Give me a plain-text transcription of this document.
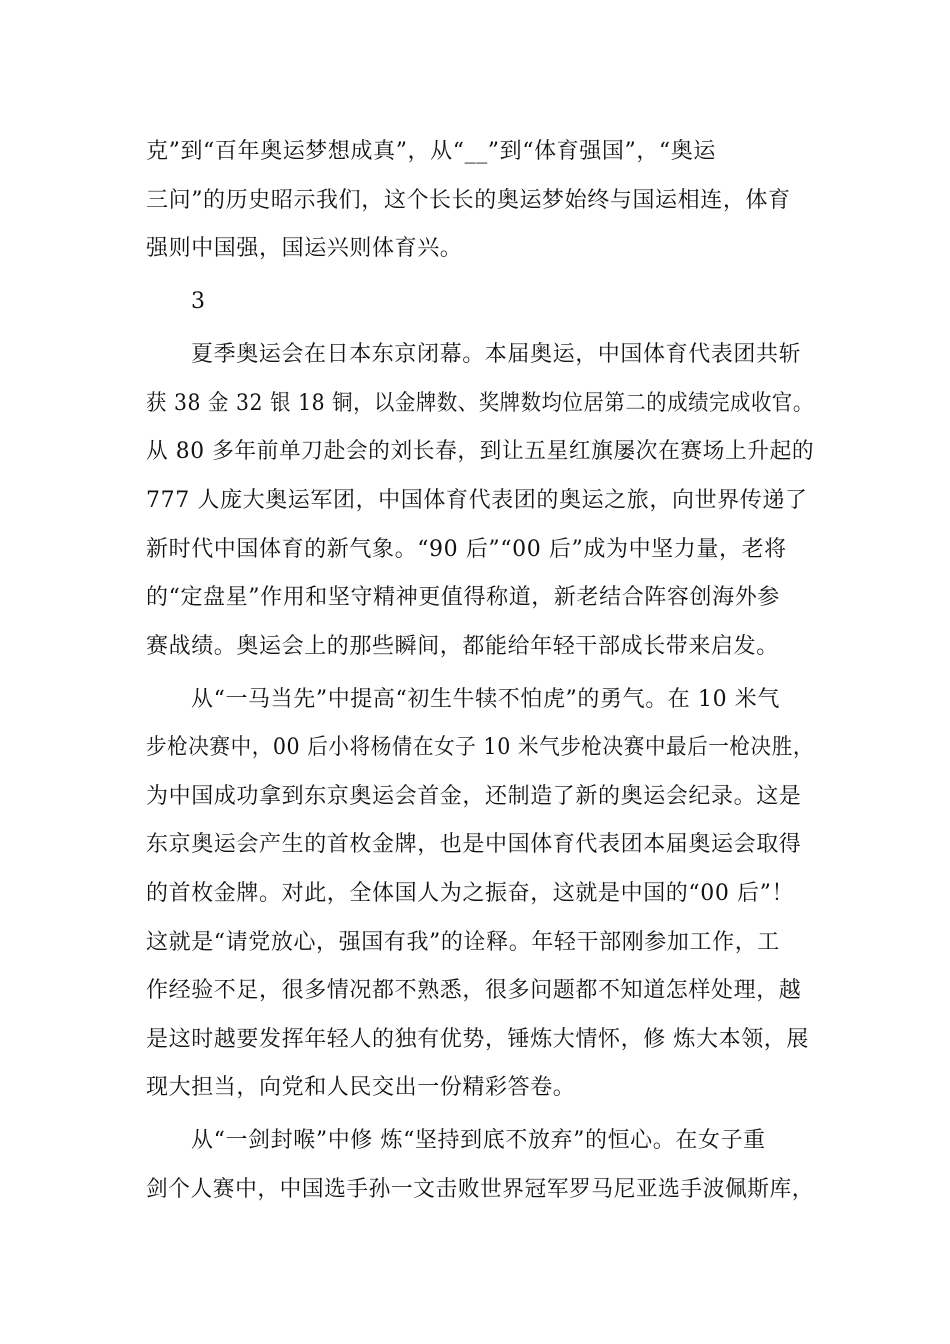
克”到“百年奥运梦想成真”，从“__”到“体育强国”，“奥运
三问”的历史昭示我们，这个长长的奥运梦始终与国运相连，体育
强则中国强，国运兴则体育兴。
3
夏季奥运会在日本东京闭幕。本届奥运，中国体育代表团共斩
获 38 金 32 银 18 铜，以金牌数、奖牌数均位居第二的成绩完成收官。
从 80 多年前单刀赴会的刘长春，到让五星红旗屡次在赛场上升起的
777 人庞大奥运军团，中国体育代表团的奥运之旅，向世界传递了
新时代中国体育的新气象。“90 后”“00 后”成为中坚力量，老将
的“定盘星”作用和坚守精神更值得称道，新老结合阵容创海外参
赛战绩。奥运会上的那些瞬间，都能给年轻干部成长带来启发。
从“一马当先”中提高“初生牛犊不怕虎”的勇气。在 10 米气
步枪决赛中，00 后小将杨倩在女子 10 米气步枪决赛中最后一枪决胜，
为中国成功拿到东京奥运会首金，还制造了新的奥运会纪录。这是
东京奥运会产生的首枚金牌，也是中国体育代表团本届奥运会取得
的首枚金牌。对此，全体国人为之振奋，这就是中国的“00 后”！
这就是“请党放心，强国有我”的诠释。年轻干部刚参加工作，工
作经验不足，很多情况都不熟悉，很多问题都不知道怎样处理，越
是这时越要发挥年轻人的独有优势，锤炼大情怀，修 炼大本领，展
现大担当，向党和人民交出一份精彩答卷。
从“一剑封喉”中修 炼“坚持到底不放弃”的恒心。在女子重
剑个人赛中，中国选手孙一文击败世界冠军罗马尼亚选手波佩斯库，
